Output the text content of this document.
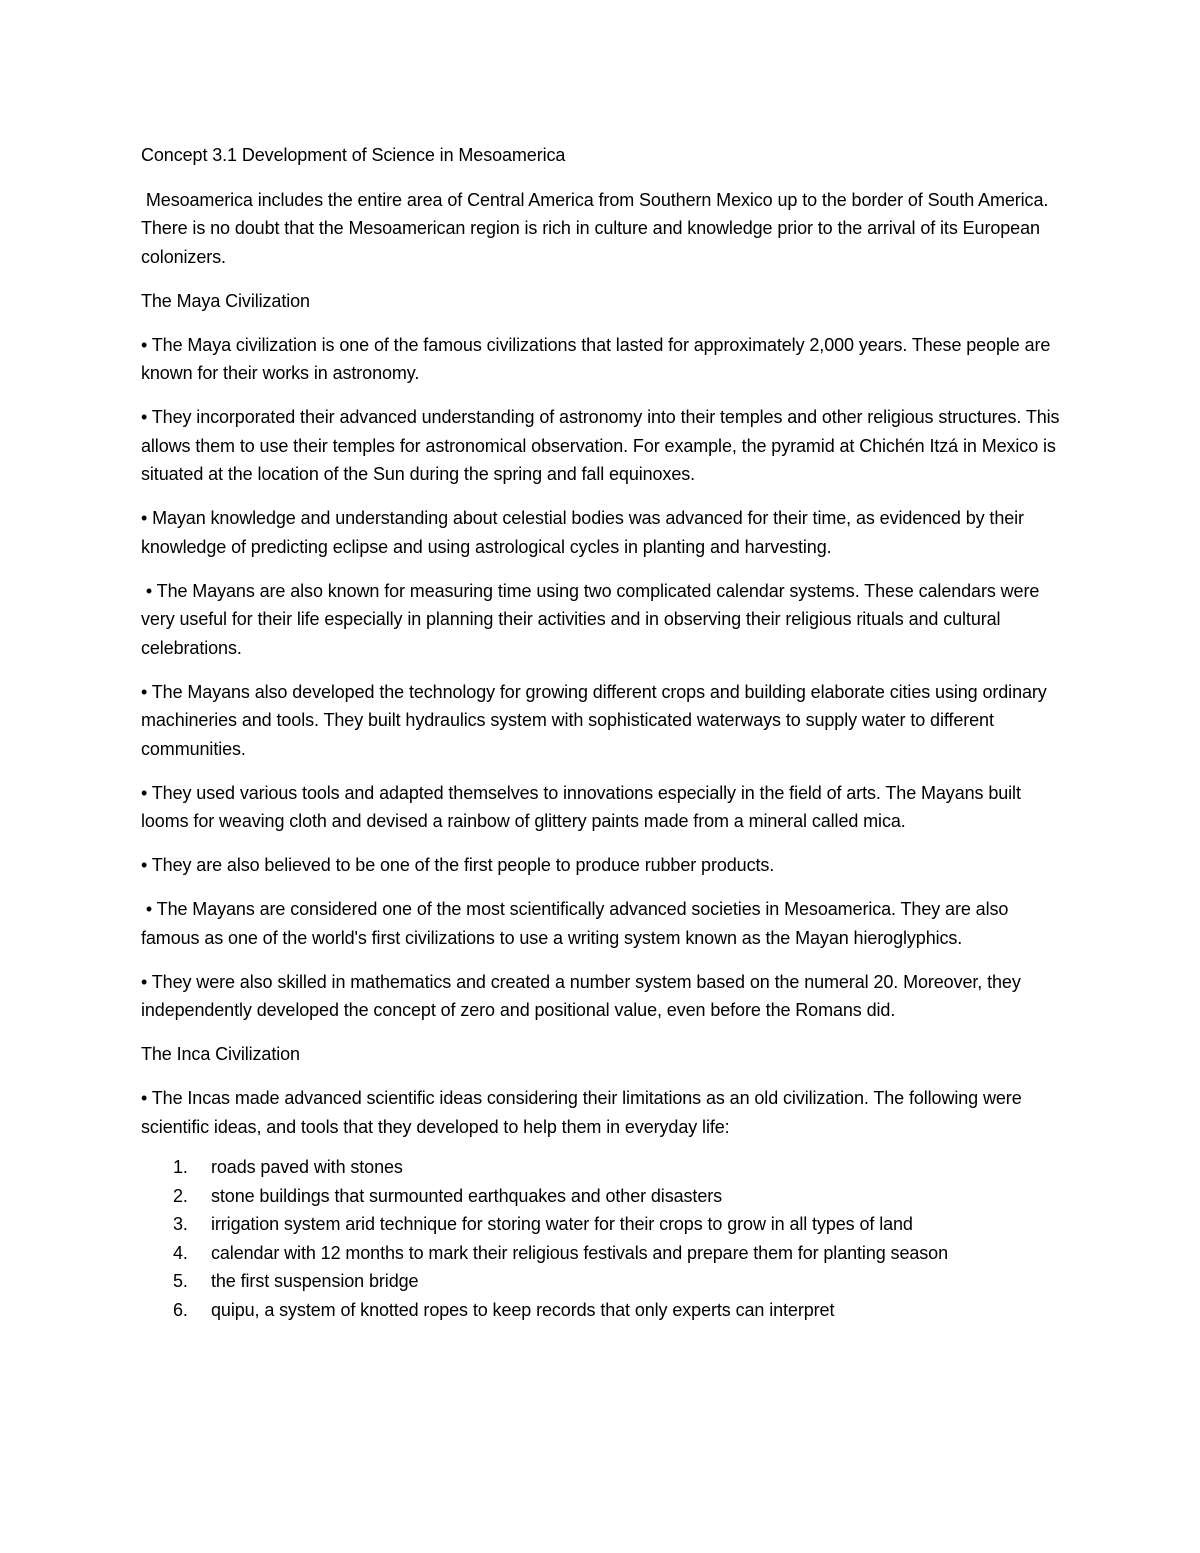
Concept 3.1 Development of Science in Mesoamerica

Mesoamerica includes the entire area of Central America from Southern Mexico up to the border of South America. There is no doubt that the Mesoamerican region is rich in culture and knowledge prior to the arrival of its European colonizers.

The Maya Civilization

• The Maya civilization is one of the famous civilizations that lasted for approximately 2,000 years. These people are known for their works in astronomy.

• They incorporated their advanced understanding of astronomy into their temples and other religious structures. This allows them to use their temples for astronomical observation. For example, the pyramid at Chichén Itzá in Mexico is situated at the location of the Sun during the spring and fall equinoxes.

• Mayan knowledge and understanding about celestial bodies was advanced for their time, as evidenced by their knowledge of predicting eclipse and using astrological cycles in planting and harvesting.

• The Mayans are also known for measuring time using two complicated calendar systems. These calendars were very useful for their life especially in planning their activities and in observing their religious rituals and cultural celebrations.

• The Mayans also developed the technology for growing different crops and building elaborate cities using ordinary machineries and tools. They built hydraulics system with sophisticated waterways to supply water to different communities.

• They used various tools and adapted themselves to innovations especially in the field of arts. The Mayans built looms for weaving cloth and devised a rainbow of glittery paints made from a mineral called mica.

• They are also believed to be one of the first people to produce rubber products.

• The Mayans are considered one of the most scientifically advanced societies in Mesoamerica. They are also famous as one of the world's first civilizations to use a writing system known as the Mayan hieroglyphics.

• They were also skilled in mathematics and created a number system based on the numeral 20. Moreover, they independently developed the concept of zero and positional value, even before the Romans did.

The Inca Civilization

• The Incas made advanced scientific ideas considering their limitations as an old civilization. The following were scientific ideas, and tools that they developed to help them in everyday life:

1. roads paved with stones
2. stone buildings that surmounted earthquakes and other disasters
3. irrigation system arid technique for storing water for their crops to grow in all types of land
4. calendar with 12 months to mark their religious festivals and prepare them for planting season
5. the first suspension bridge
6. quipu, a system of knotted ropes to keep records that only experts can interpret
